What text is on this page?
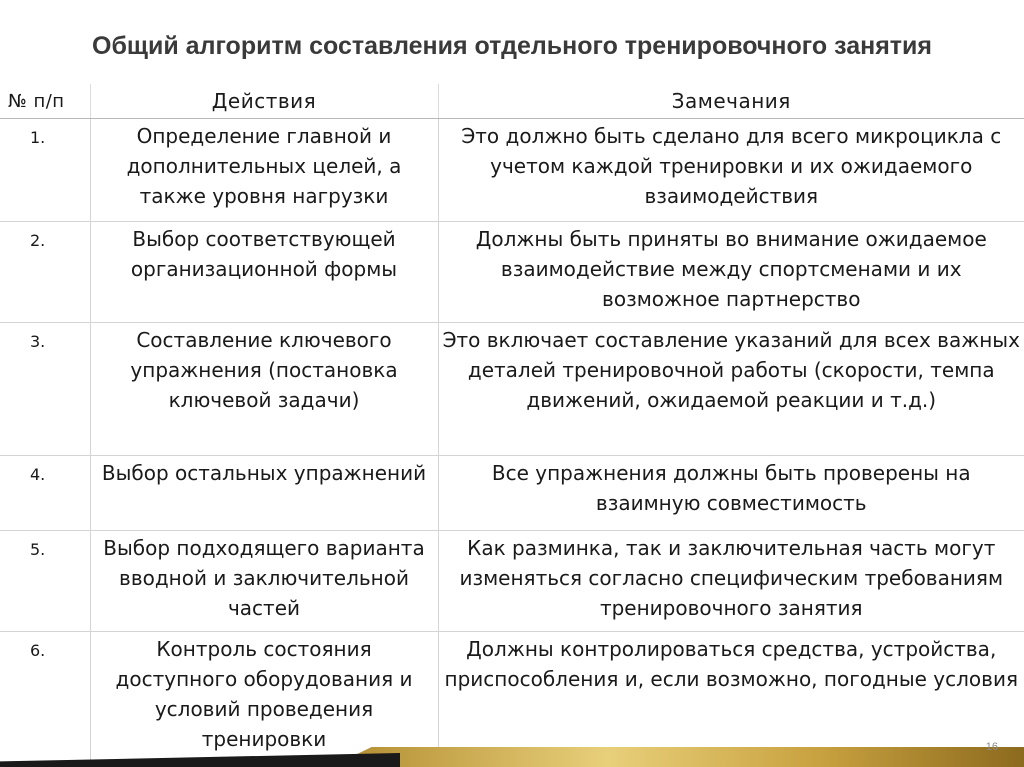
Общий алгоритм составления отдельного тренировочного занятия
№ п/п	Действия	Замечания
1.	Определение главной и дополнительных целей, а также уровня нагрузки	Это должно быть сделано для всего микроцикла с учетом каждой тренировки и их ожидаемого взаимодействия
2.	Выбор соответствующей организационной формы	Должны быть приняты во внимание ожидаемое взаимодействие между спортсменами и их возможное партнерство
3.	Составление ключевого упражнения (постановка ключевой задачи)	Это включает составление указаний для всех важных деталей тренировочной работы (скорости, темпа движений, ожидаемой реакции и т.д.)
4.	Выбор остальных упражнений	Все упражнения должны быть проверены на взаимную совместимость
5.	Выбор подходящего варианта вводной и заключительной частей	Как разминка, так и заключительная часть могут изменяться согласно специфическим требованиям тренировочного занятия
6.	Контроль состояния доступного оборудования и условий проведения тренировки	Должны контролироваться средства, устройства, приспособления и, если возможно, погодные условия
16
